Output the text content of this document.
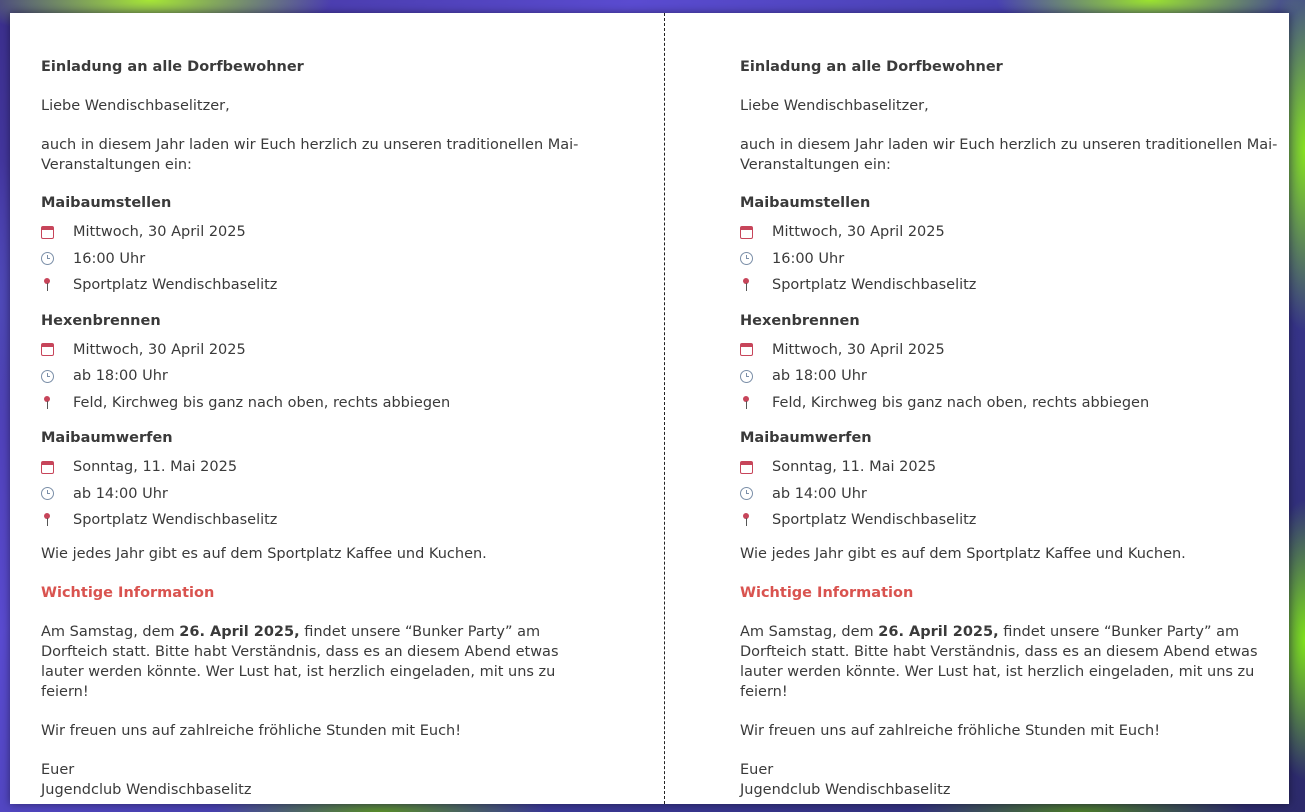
Einladung an alle Dorfbewohner

Liebe Wendischbaselitzer,

auch in diesem Jahr laden wir Euch herzlich zu unseren traditionellen Mai-Veranstaltungen ein:

Maibaumstellen

Mittwoch, 30 April 2025
16:00 Uhr
Sportplatz Wendischbaselitz

Hexenbrennen

Mittwoch, 30 April 2025
ab 18:00 Uhr
Feld, Kirchweg bis ganz nach oben, rechts abbiegen

Maibaumwerfen

Sonntag, 11. Mai 2025
ab 14:00 Uhr
Sportplatz Wendischbaselitz

Wie jedes Jahr gibt es auf dem Sportplatz Kaffee und Kuchen.

Wichtige Information

Am Samstag, dem 26. April 2025, findet unsere “Bunker Party” am Dorfteich statt. Bitte habt Verständnis, dass es an diesem Abend etwas lauter werden könnte. Wer Lust hat, ist herzlich eingeladen, mit uns zu feiern!

Wir freuen uns auf zahlreiche fröhliche Stunden mit Euch!

Euer

Jugendclub Wendischbaselitz

Einladung an alle Dorfbewohner

Liebe Wendischbaselitzer,

auch in diesem Jahr laden wir Euch herzlich zu unseren traditionellen Mai-Veranstaltungen ein:

Maibaumstellen

Mittwoch, 30 April 2025
16:00 Uhr
Sportplatz Wendischbaselitz

Hexenbrennen

Mittwoch, 30 April 2025
ab 18:00 Uhr
Feld, Kirchweg bis ganz nach oben, rechts abbiegen

Maibaumwerfen

Sonntag, 11. Mai 2025
ab 14:00 Uhr
Sportplatz Wendischbaselitz

Wie jedes Jahr gibt es auf dem Sportplatz Kaffee und Kuchen.

Wichtige Information

Am Samstag, dem 26. April 2025, findet unsere “Bunker Party” am Dorfteich statt. Bitte habt Verständnis, dass es an diesem Abend etwas lauter werden könnte. Wer Lust hat, ist herzlich eingeladen, mit uns zu feiern!

Wir freuen uns auf zahlreiche fröhliche Stunden mit Euch!

Euer

Jugendclub Wendischbaselitz
